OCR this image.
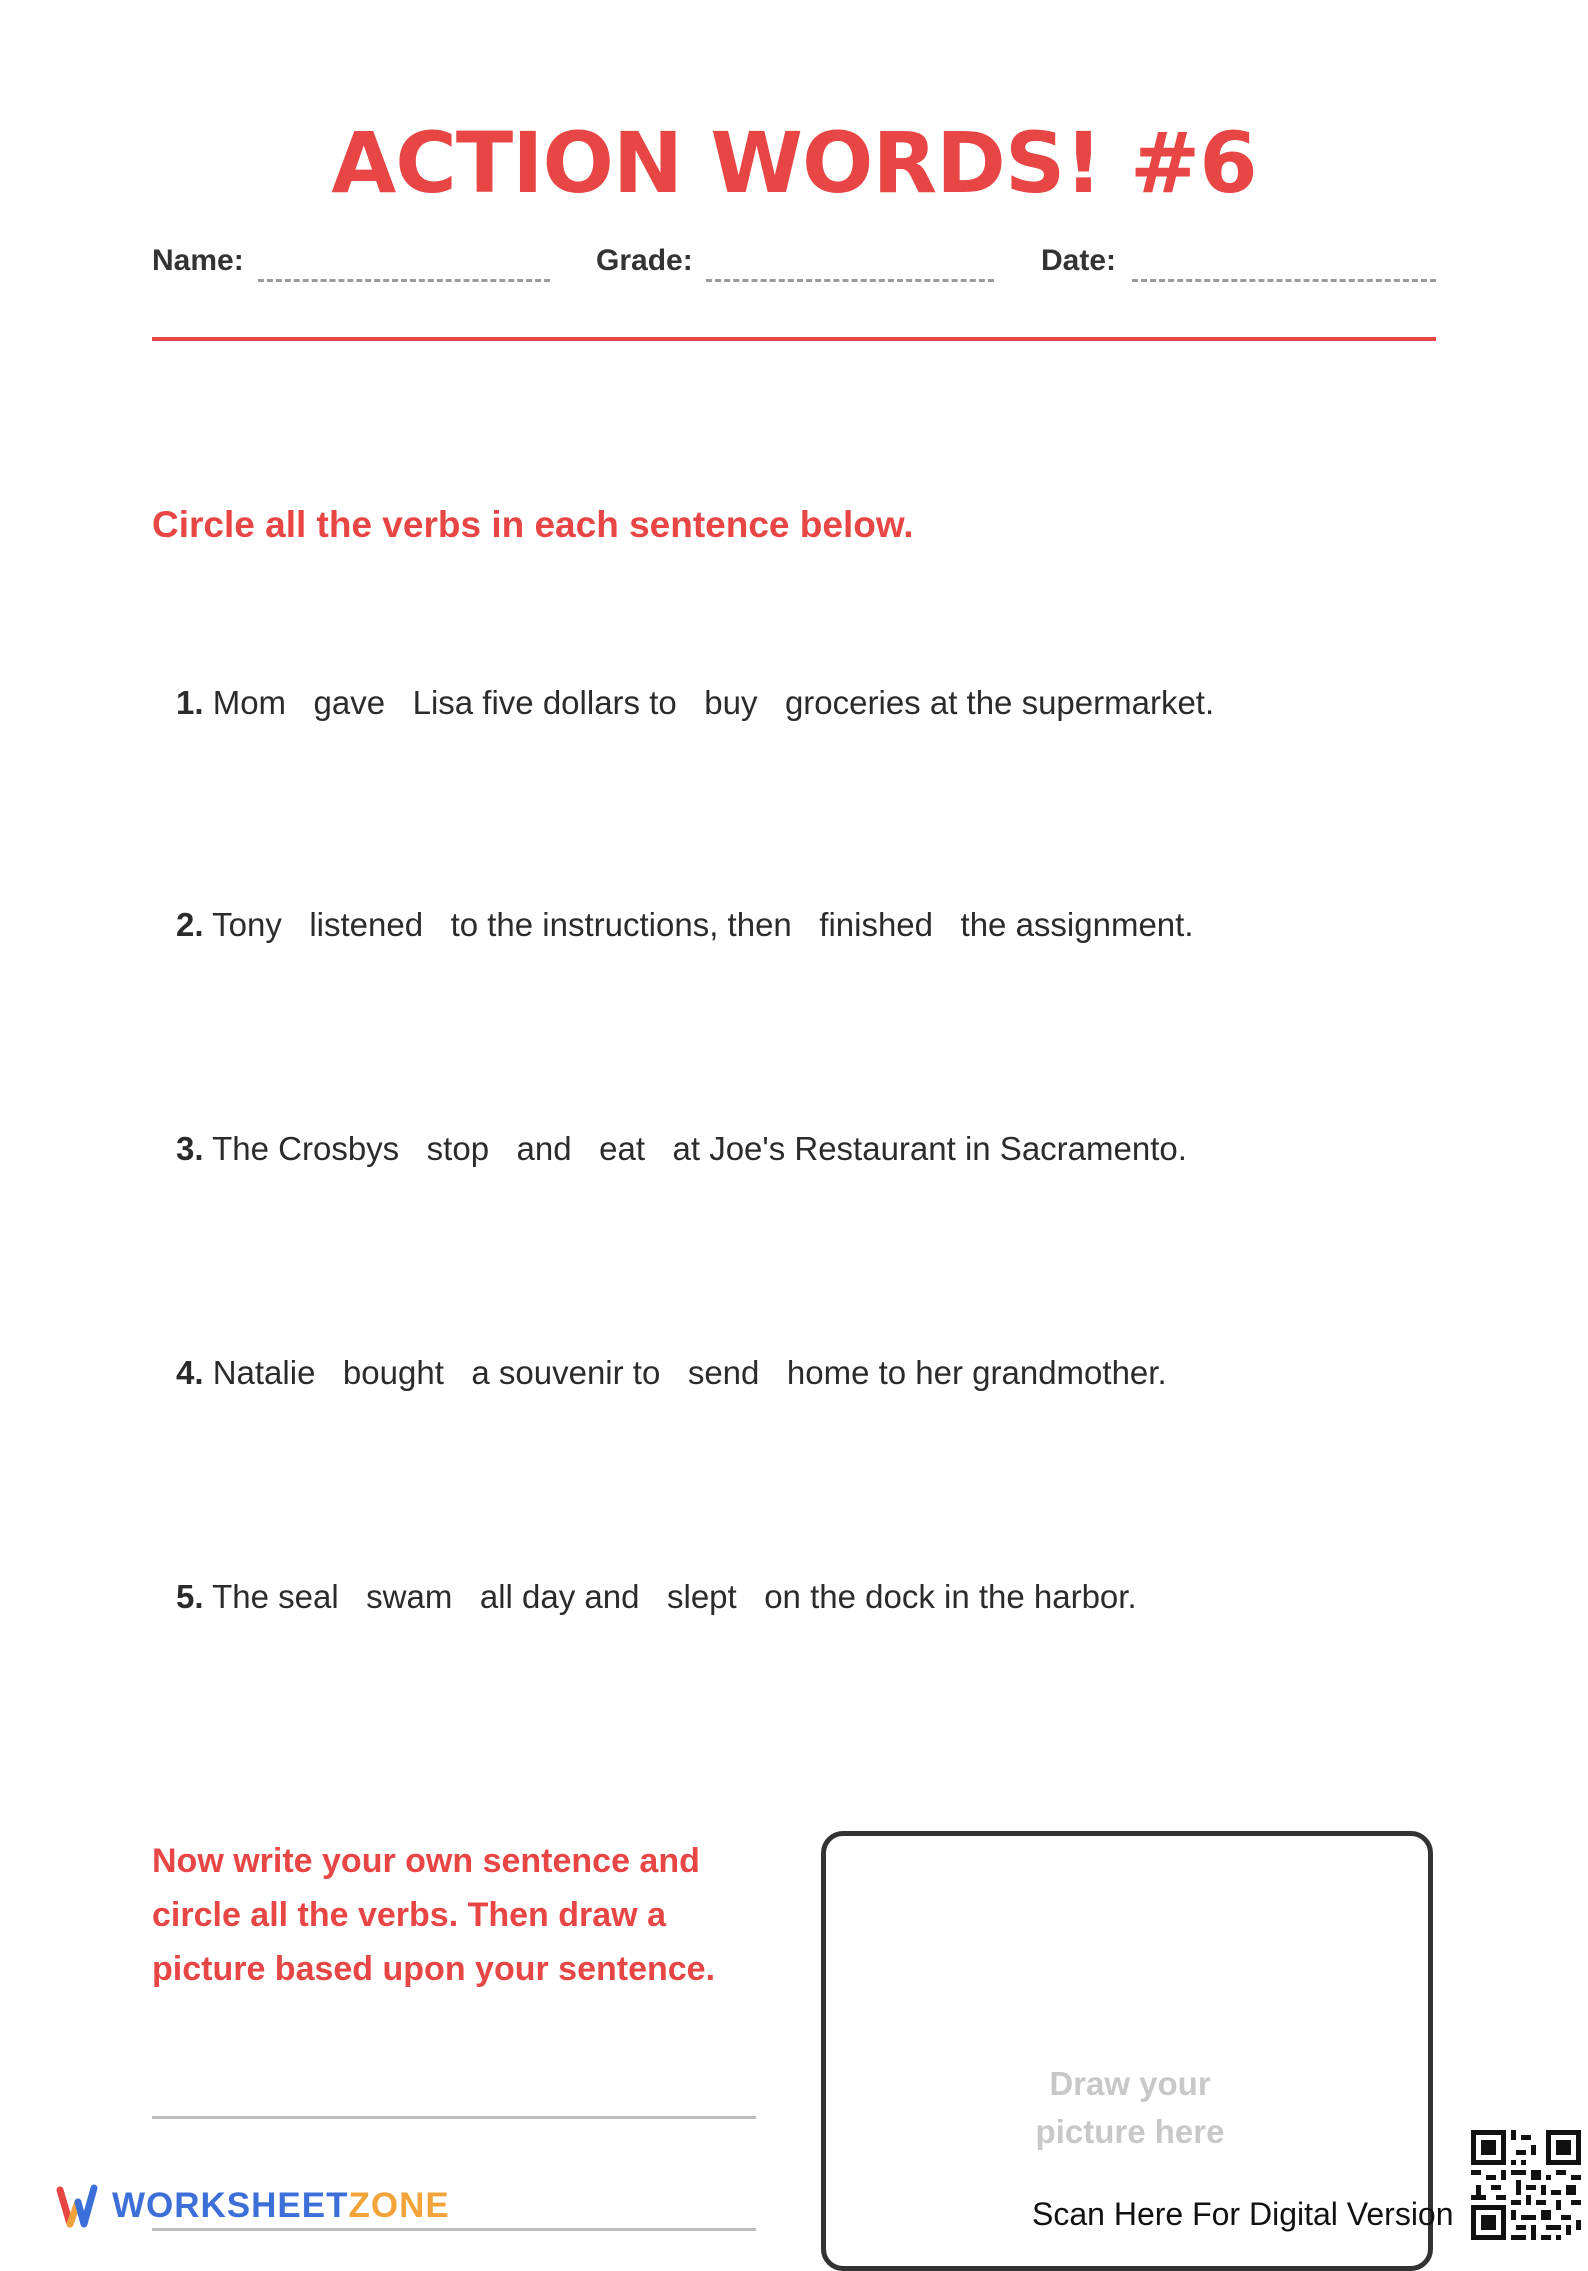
ACTION WORDS! #6
Name:	Grade:	Date:
Circle all the verbs in each sentence below.
1. Mom   gave   Lisa five dollars to   buy   groceries at the supermarket.
2. Tony   listened   to the instructions, then   finished   the assignment.
3. The Crosbys   stop   and   eat   at Joe's Restaurant in Sacramento.
4. Natalie   bought   a souvenir to   send   home to her grandmother.
5. The seal   swam   all day and   slept   on the dock in the harbor.
Now write your own sentence and
circle all the verbs. Then draw a
picture based upon your sentence.
Draw your
picture here
WORKSHEETZONE	Scan Here For Digital Version
